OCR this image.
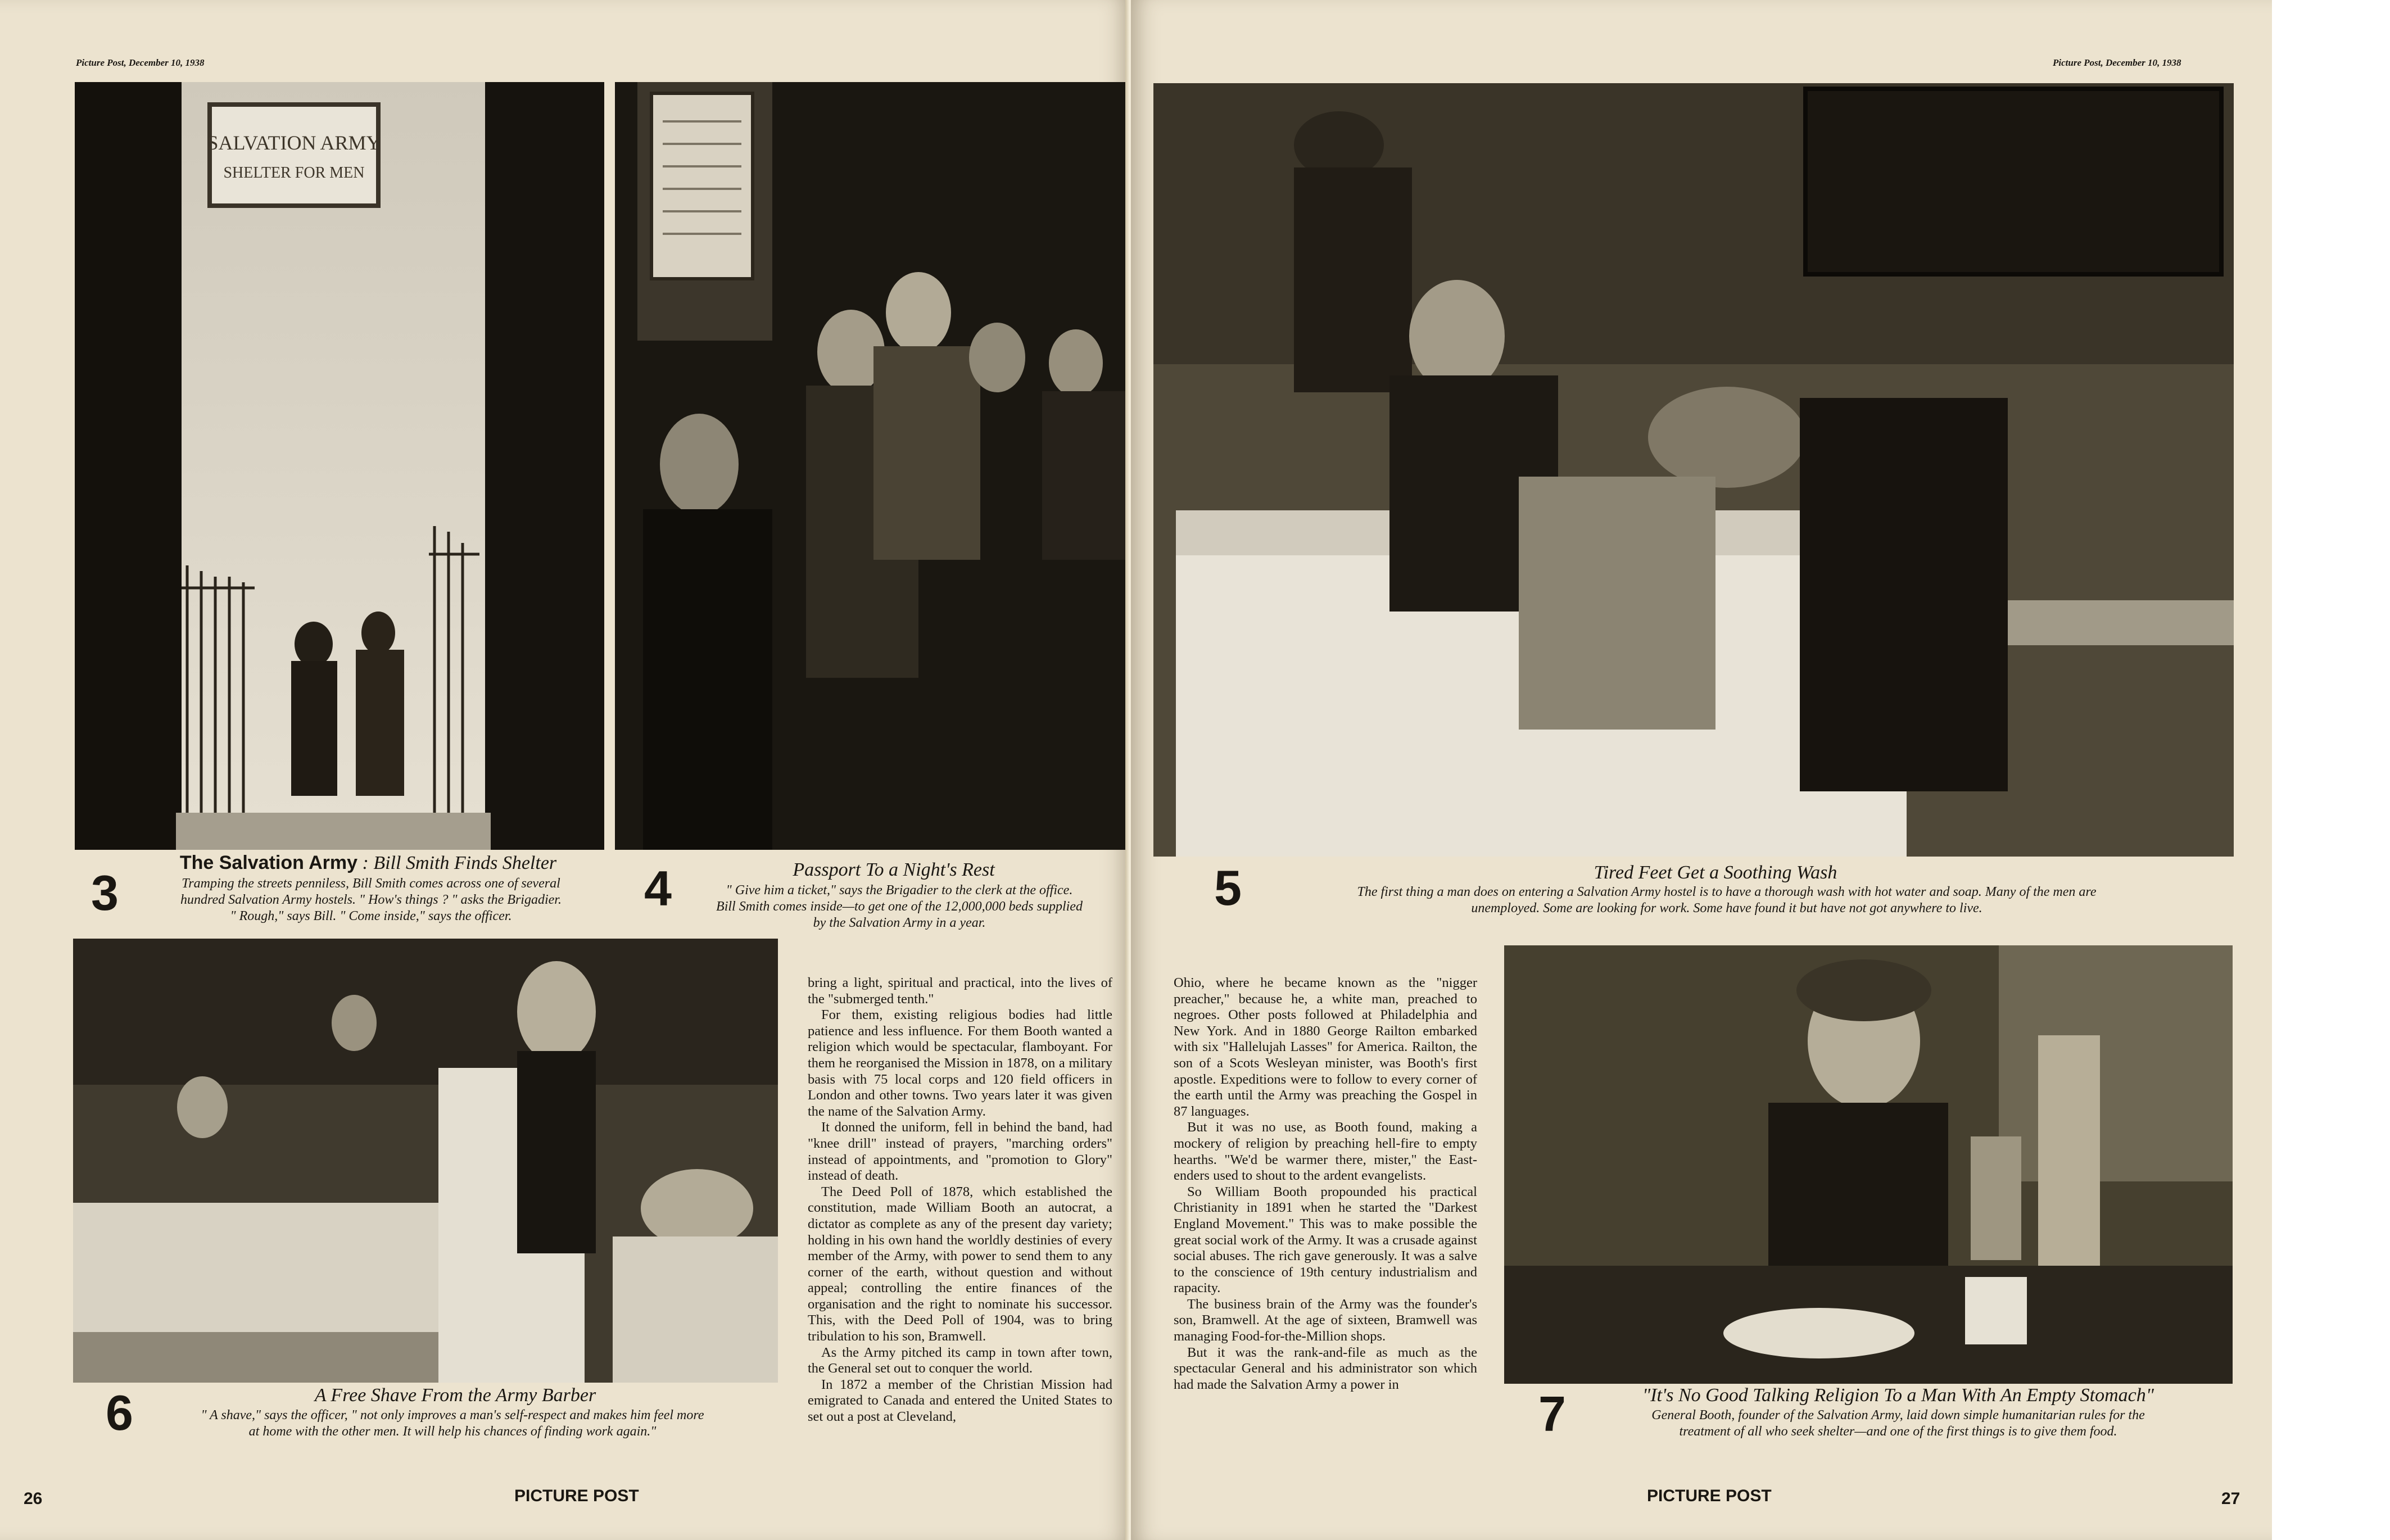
Picture Post, December 10, 1938
SALVATION ARMY
SHELTER FOR MEN
3
The Salvation Army : Bill Smith Finds Shelter
Tramping the streets penniless, Bill Smith comes across one of several
hundred Salvation Army hostels. " How's things ? " asks the Brigadier.
" Rough," says Bill. " Come inside," says the officer.	4	Passport To a Night's Rest
" Give him a ticket," says the Brigadier to the clerk at the office.
Bill Smith comes inside—to get one of the 12,000,000 beds supplied
by the Salvation Army in a year.
6	A Free Shave From the Army Barber
" A shave," says the officer, " not only improves a man's self-respect and makes him feel more
at home with the other men. It will help his chances of finding work again."

bring a light, spiritual and practical, into the lives of the "submerged tenth."

For them, existing religious bodies had little patience and less influence. For them Booth wanted a religion which would be spectacular, flamboyant. For them he reorganised the Mission in 1878, on a military basis with 75 local corps and 120 field officers in London and other towns. Two years later it was given the name of the Salvation Army.

It donned the uniform, fell in behind the band, had "knee drill" instead of prayers, "marching orders" instead of appointments, and "promotion to Glory" instead of death.

The Deed Poll of 1878, which established the constitution, made William Booth an autocrat, a dictator as complete as any of the present day variety; holding in his own hand the worldly destinies of every member of the Army, with power to send them to any corner of the earth, without question and without appeal; controlling the entire finances of the organisation and the right to nominate his successor. This, with the Deed Poll of 1904, was to bring tribulation to his son, Bramwell.

As the Army pitched its camp in town after town, the General set out to conquer the world.

In 1872 a member of the Christian Mission had emigrated to Canada and entered the United States to set out a post at Cleveland,

26	PICTURE POST
Picture Post, December 10, 1938
5	Tired Feet Get a Soothing Wash
The first thing a man does on entering a Salvation Army hostel is to have a thorough wash with hot water and soap. Many of the men are
unemployed. Some are looking for work. Some have found it but have not got anywhere to live.

Ohio, where he became known as the "nigger preacher," because he, a white man, preached to negroes. Other posts followed at Philadelphia and New York. And in 1880 George Railton embarked with six "Hallelujah Lasses" for America. Railton, the son of a Scots Wesleyan minister, was Booth's first apostle. Expeditions were to follow to every corner of the earth until the Army was preaching the Gospel in 87 languages.

But it was no use, as Booth found, making a mockery of religion by preaching hell-fire to empty hearths. "We'd be warmer there, mister," the East-enders used to shout to the ardent evangelists.

So William Booth propounded his practical Christianity in 1891 when he started the "Darkest England Movement." This was to make possible the great social work of the Army. It was a crusade against social abuses. The rich gave generously. It was a salve to the conscience of 19th century industrialism and rapacity.

The business brain of the Army was the founder's son, Bramwell. At the age of sixteen, Bramwell was managing Food-for-the-Million shops.

But it was the rank-and-file as much as the spectacular General and his administrator son which had made the Salvation Army a power in

7	"It's No Good Talking Religion To a Man With An Empty Stomach"
General Booth, founder of the Salvation Army, laid down simple humanitarian rules for the
treatment of all who seek shelter—and one of the first things is to give them food.
PICTURE POST	27
